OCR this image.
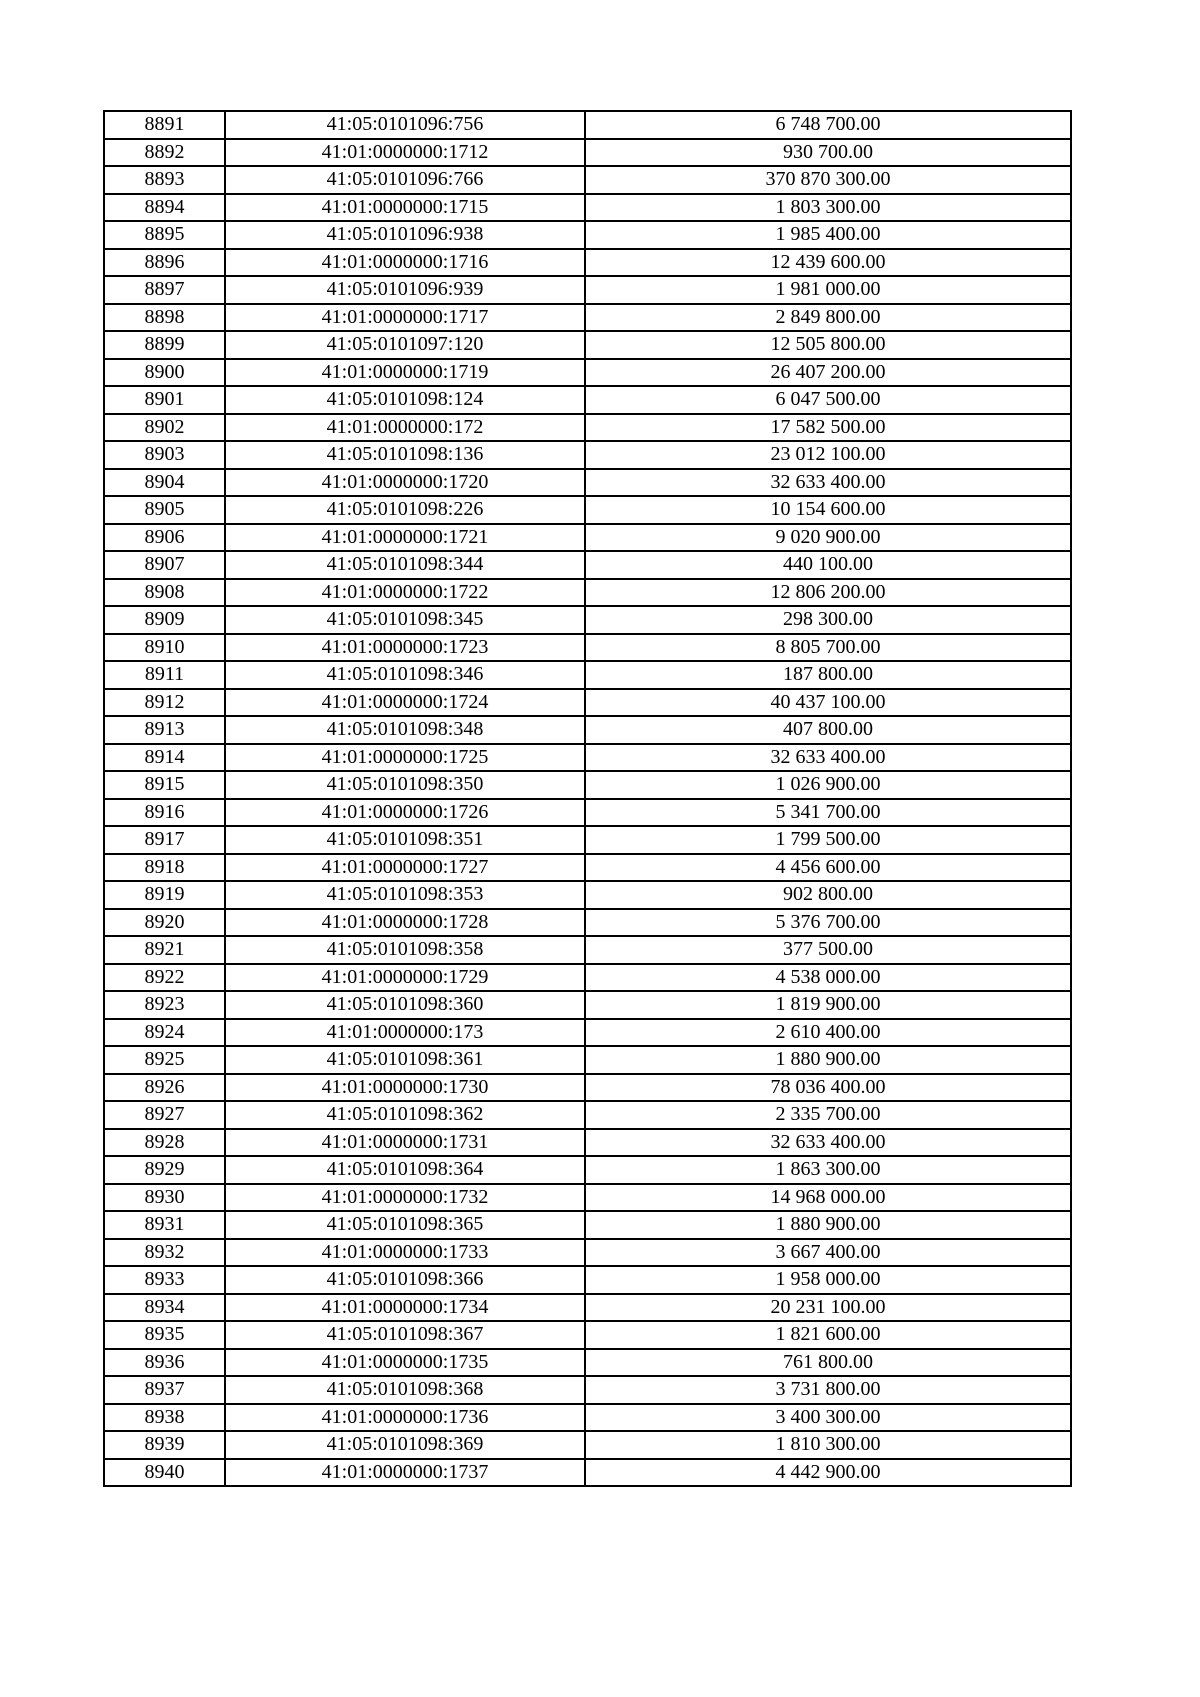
8891	41:05:0101096:756	6 748 700.00
8892	41:01:0000000:1712	930 700.00
8893	41:05:0101096:766	370 870 300.00
8894	41:01:0000000:1715	1 803 300.00
8895	41:05:0101096:938	1 985 400.00
8896	41:01:0000000:1716	12 439 600.00
8897	41:05:0101096:939	1 981 000.00
8898	41:01:0000000:1717	2 849 800.00
8899	41:05:0101097:120	12 505 800.00
8900	41:01:0000000:1719	26 407 200.00
8901	41:05:0101098:124	6 047 500.00
8902	41:01:0000000:172	17 582 500.00
8903	41:05:0101098:136	23 012 100.00
8904	41:01:0000000:1720	32 633 400.00
8905	41:05:0101098:226	10 154 600.00
8906	41:01:0000000:1721	9 020 900.00
8907	41:05:0101098:344	440 100.00
8908	41:01:0000000:1722	12 806 200.00
8909	41:05:0101098:345	298 300.00
8910	41:01:0000000:1723	8 805 700.00
8911	41:05:0101098:346	187 800.00
8912	41:01:0000000:1724	40 437 100.00
8913	41:05:0101098:348	407 800.00
8914	41:01:0000000:1725	32 633 400.00
8915	41:05:0101098:350	1 026 900.00
8916	41:01:0000000:1726	5 341 700.00
8917	41:05:0101098:351	1 799 500.00
8918	41:01:0000000:1727	4 456 600.00
8919	41:05:0101098:353	902 800.00
8920	41:01:0000000:1728	5 376 700.00
8921	41:05:0101098:358	377 500.00
8922	41:01:0000000:1729	4 538 000.00
8923	41:05:0101098:360	1 819 900.00
8924	41:01:0000000:173	2 610 400.00
8925	41:05:0101098:361	1 880 900.00
8926	41:01:0000000:1730	78 036 400.00
8927	41:05:0101098:362	2 335 700.00
8928	41:01:0000000:1731	32 633 400.00
8929	41:05:0101098:364	1 863 300.00
8930	41:01:0000000:1732	14 968 000.00
8931	41:05:0101098:365	1 880 900.00
8932	41:01:0000000:1733	3 667 400.00
8933	41:05:0101098:366	1 958 000.00
8934	41:01:0000000:1734	20 231 100.00
8935	41:05:0101098:367	1 821 600.00
8936	41:01:0000000:1735	761 800.00
8937	41:05:0101098:368	3 731 800.00
8938	41:01:0000000:1736	3 400 300.00
8939	41:05:0101098:369	1 810 300.00
8940	41:01:0000000:1737	4 442 900.00
